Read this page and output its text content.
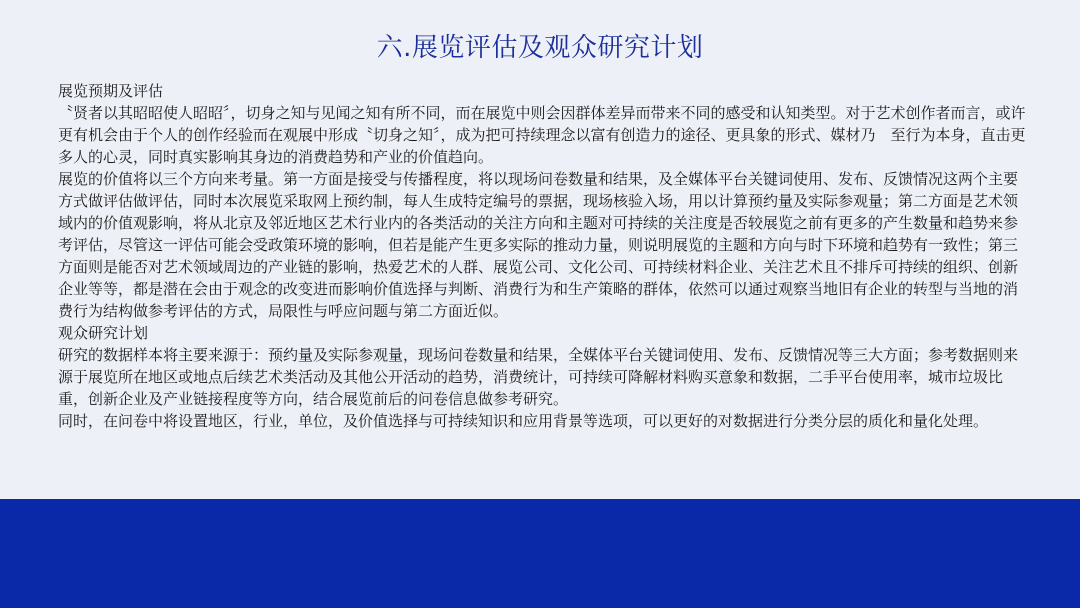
六.展览评估及观众研究计划

展览预期及评估

〝贤者以其昭昭使人昭昭〞，切身之知与见闻之知有所不同，而在展览中则会因群体差异而带来不同的感受和认知类型。对于艺术创作者而言，或许更有机会由于个人的创作经验而在观展中形成〝切身之知〞，成为把可持续理念以富有创造力的途径、更具象的形式、媒材乃　至行为本身，直击更多人的心灵，同时真实影响其身边的消费趋势和产业的价值趋向。

展览的价值将以三个方向来考量。第一方面是接受与传播程度，将以现场问卷数量和结果，及全媒体平台关键词使用、发布、反馈情况这两个主要方式做评估做评估，同时本次展览采取网上预约制，每人生成特定编号的票据，现场核验入场，用以计算预约量及实际参观量；第二方面是艺术领域内的价值观影响，将从北京及邻近地区艺术行业内的各类活动的关注方向和主题对可持续的关注度是否较展览之前有更多的产生数量和趋势来参考评估，尽管这一评估可能会受政策环境的影响，但若是能产生更多实际的推动力量，则说明展览的主题和方向与时下环境和趋势有一致性；第三方面则是能否对艺术领域周边的产业链的影响，热爱艺术的人群、展览公司、文化公司、可持续材料企业、关注艺术且不排斥可持续的组织、创新企业等等，都是潜在会由于观念的改变进而影响价值选择与判断、消费行为和生产策略的群体，依然可以通过观察当地旧有企业的转型与当地的消费行为结构做参考评估的方式，局限性与呼应问题与第二方面近似。

观众研究计划

研究的数据样本将主要来源于：预约量及实际参观量，现场问卷数量和结果，全媒体平台关键词使用、发布、反馈情况等三大方面；参考数据则来源于展览所在地区或地点后续艺术类活动及其他公开活动的趋势，消费统计，可持续可降解材料购买意象和数据，二手平台使用率，城市垃圾比重，创新企业及产业链接程度等方向，结合展览前后的问卷信息做参考研究。

同时，在问卷中将设置地区，行业，单位，及价值选择与可持续知识和应用背景等选项，可以更好的对数据进行分类分层的质化和量化处理。
